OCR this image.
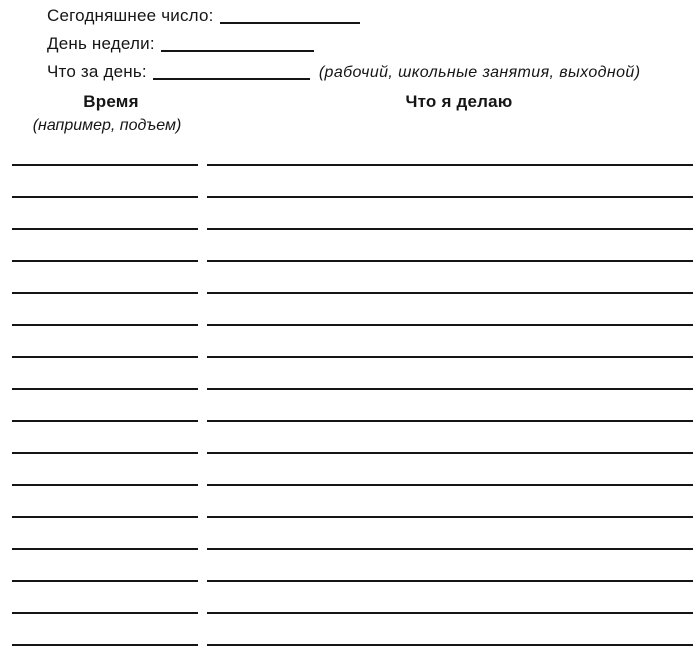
Сегодняшнее число:
День недели:
Что за день:	(рабочий, школьные занятия, выходной)
Время	Что я делаю
(например, подъем)
